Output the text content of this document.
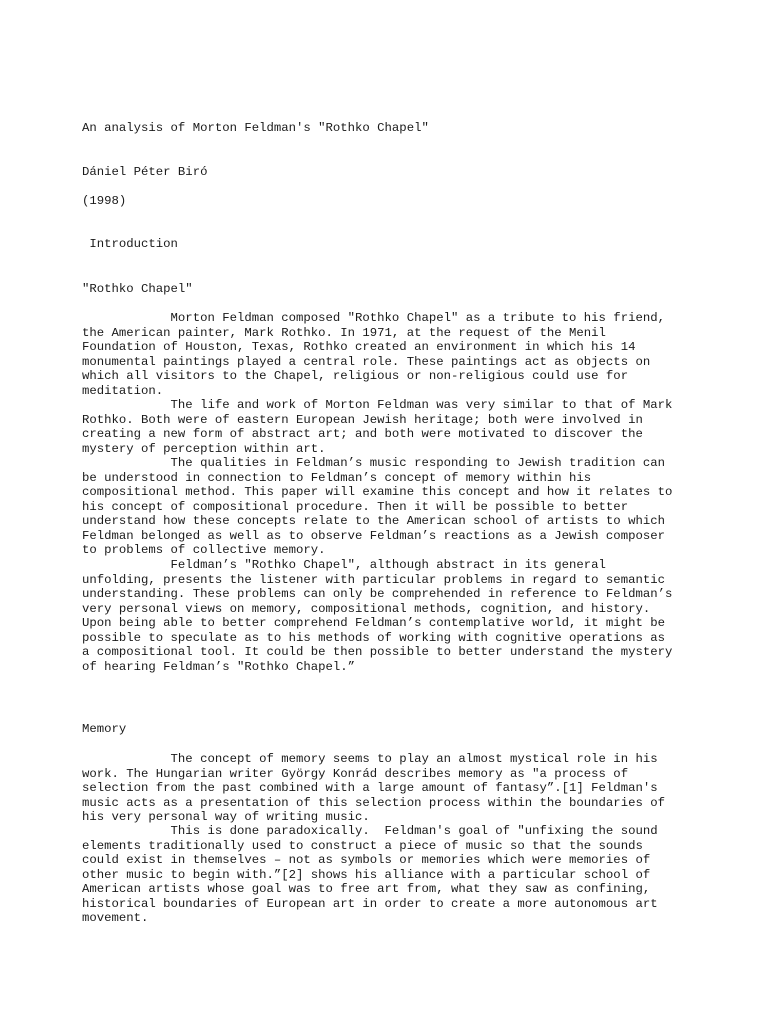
An analysis of Morton Feldman's "Rothko Chapel"
Dániel Péter Biró
(1998)
Introduction
"Rothko Chapel"
Morton Feldman composed "Rothko Chapel" as a tribute to his friend,
the American painter, Mark Rothko. In 1971, at the request of the Menil
Foundation of Houston, Texas, Rothko created an environment in which his 14
monumental paintings played a central role. These paintings act as objects on
which all visitors to the Chapel, religious or non-religious could use for
meditation.
The life and work of Morton Feldman was very similar to that of Mark
Rothko. Both were of eastern European Jewish heritage; both were involved in
creating a new form of abstract art; and both were motivated to discover the
mystery of perception within art.
The qualities in Feldman’s music responding to Jewish tradition can
be understood in connection to Feldman’s concept of memory within his
compositional method. This paper will examine this concept and how it relates to
his concept of compositional procedure. Then it will be possible to better
understand how these concepts relate to the American school of artists to which
Feldman belonged as well as to observe Feldman’s reactions as a Jewish composer
to problems of collective memory.
Feldman’s "Rothko Chapel", although abstract in its general
unfolding, presents the listener with particular problems in regard to semantic
understanding. These problems can only be comprehended in reference to Feldman’s
very personal views on memory, compositional methods, cognition, and history.
Upon being able to better comprehend Feldman’s contemplative world, it might be
possible to speculate as to his methods of working with cognitive operations as
a compositional tool. It could be then possible to better understand the mystery
of hearing Feldman’s "Rothko Chapel.”
Memory
The concept of memory seems to play an almost mystical role in his
work. The Hungarian writer György Konrád describes memory as "a process of
selection from the past combined with a large amount of fantasy”.[1] Feldman's
music acts as a presentation of this selection process within the boundaries of
his very personal way of writing music.
This is done paradoxically.  Feldman's goal of "unfixing the sound
elements traditionally used to construct a piece of music so that the sounds
could exist in themselves – not as symbols or memories which were memories of
other music to begin with.”[2] shows his alliance with a particular school of
American artists whose goal was to free art from, what they saw as confining,
historical boundaries of European art in order to create a more autonomous art
movement.
